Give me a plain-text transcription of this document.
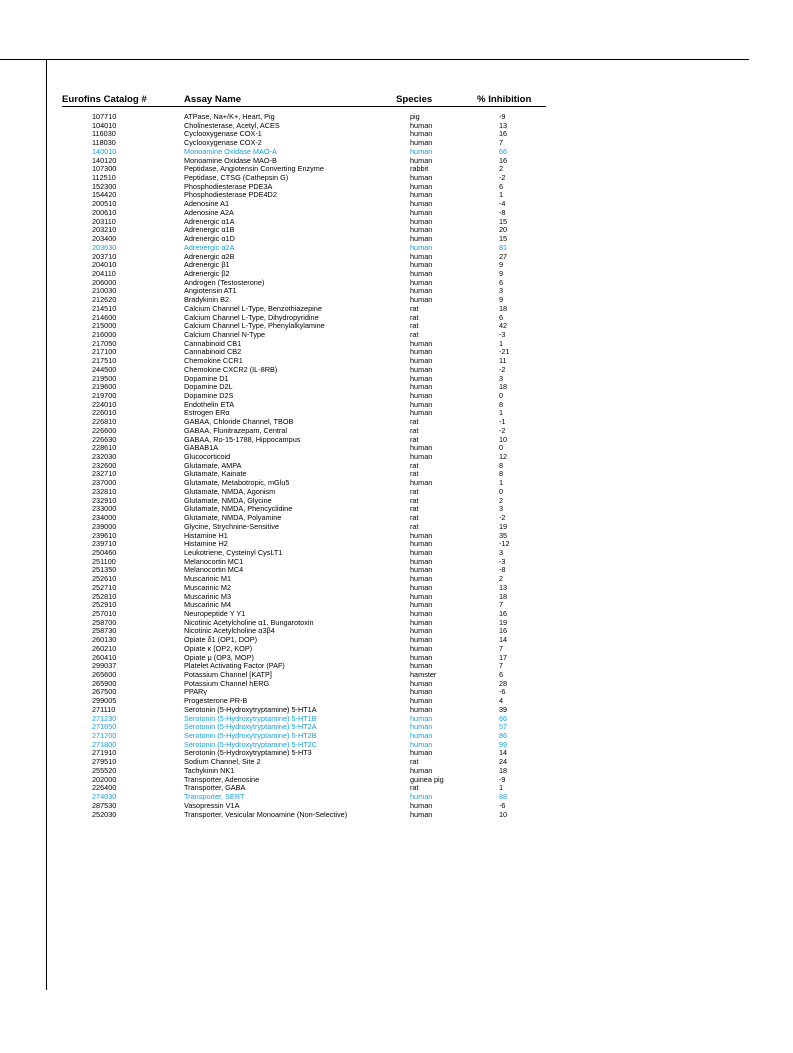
Eurofins Catalog #	Assay Name	Species	% Inhibition
107710	ATPase, Na+/K+, Heart, Pig	pig	-9
104010	Cholinesterase, Acetyl, ACES	human	13
116030	Cyclooxygenase COX-1	human	16
118030	Cyclooxygenase COX-2	human	7
140010	Monoamine Oxidase MAO-A	human	66
140120	Monoamine Oxidase MAO-B	human	16
107300	Peptidase, Angiotensin Converting Enzyme	rabbit	2
112510	Peptidase, CTSG (Cathepsin G)	human	-2
152300	Phosphodiesterase PDE3A	human	6
154420	Phosphodiesterase PDE4D2	human	1
200510	Adenosine A1	human	-4
200610	Adenosine A2A	human	-8
203110	Adrenergic α1A	human	15
203210	Adrenergic α1B	human	20
203400	Adrenergic α1D	human	15
203630	Adrenergic α2A	human	81
203710	Adrenergic α2B	human	27
204010	Adrenergic β1	human	9
204110	Adrenergic β2	human	9
206000	Androgen (Testosterone)	human	6
210030	Angiotensin AT1	human	3
212620	Bradykinin B2	human	9
214510	Calcium Channel L-Type, Benzothiazepine	rat	18
214600	Calcium Channel L-Type, Dihydropyridine	rat	6
215000	Calcium Channel L-Type, Phenylalkylamine	rat	42
216000	Calcium Channel N-Type	rat	-3
217050	Cannabinoid CB1	human	1
217100	Cannabinoid CB2	human	-21
217510	Chemokine CCR1	human	11
244500	Chemokine CXCR2 (IL-8RB)	human	-2
219500	Dopamine D1	human	3
219600	Dopamine D2L	human	18
219700	Dopamine D2S	human	0
224010	Endothelin ETA	human	8
226010	Estrogen ERα	human	1
226810	GABAA, Chloride Channel, TBOB	rat	-1
226600	GABAA, Flunitrazepam, Central	rat	-2
226630	GABAA, Ro-15-1788, Hippocampus	rat	10
228610	GABAB1A	human	0
232030	Glucocorticoid	human	12
232600	Glutamate, AMPA	rat	8
232710	Glutamate, Kainate	rat	8
237000	Glutamate, Metabotropic, mGlu5	human	1
232810	Glutamate, NMDA, Agonism	rat	0
232910	Glutamate, NMDA, Glycine	rat	2
233000	Glutamate, NMDA, Phencyclidine	rat	3
234000	Glutamate, NMDA, Polyamine	rat	-2
239000	Glycine, Strychnine-Sensitive	rat	19
239610	Histamine H1	human	35
239710	Histamine H2	human	-12
250460	Leukotriene, Cysteinyl CysLT1	human	3
251100	Melanocortin MC1	human	-3
251350	Melanocortin MC4	human	-8
252610	Muscarinic M1	human	2
252710	Muscarinic M2	human	13
252810	Muscarinic M3	human	18
252910	Muscarinic M4	human	7
257010	Neuropeptide Y Y1	human	16
258700	Nicotinic Acetylcholine α1, Bungarotoxin	human	19
258730	Nicotinic Acetylcholine α3β4	human	16
260130	Opiate δ1 (OP1, DOP)	human	14
260210	Opiate κ (OP2, KOP)	human	7
260410	Opiate μ (OP3, MOP)	human	17
299037	Platelet Activating Factor (PAF)	human	7
265600	Potassium Channel [KATP]	hamster	6
265900	Potassium Channel hERG	human	28
267500	PPARγ	human	-6
299005	Progesterone PR-B	human	4
271110	Serotonin (5-Hydroxytryptamine) 5-HT1A	human	39
271230	Serotonin (5-Hydroxytryptamine) 5-HT1B	human	66
271650	Serotonin (5-Hydroxytryptamine) 5-HT2A	human	57
271700	Serotonin (5-Hydroxytryptamine) 5-HT2B	human	86
271800	Serotonin (5-Hydroxytryptamine) 5-HT2C	human	99
271910	Serotonin (5-Hydroxytryptamine) 5-HT3	human	14
279510	Sodium Channel, Site 2	rat	24
255520	Tachykinin NK1	human	18
202000	Transporter, Adenosine	guinea pig	-9
226400	Transporter, GABA	rat	1
274030	Transporter, SERT	human	88
287530	Vasopressin V1A	human	-6
252030	Transporter, Vesicular Monoamine (Non-Selective)	human	10
